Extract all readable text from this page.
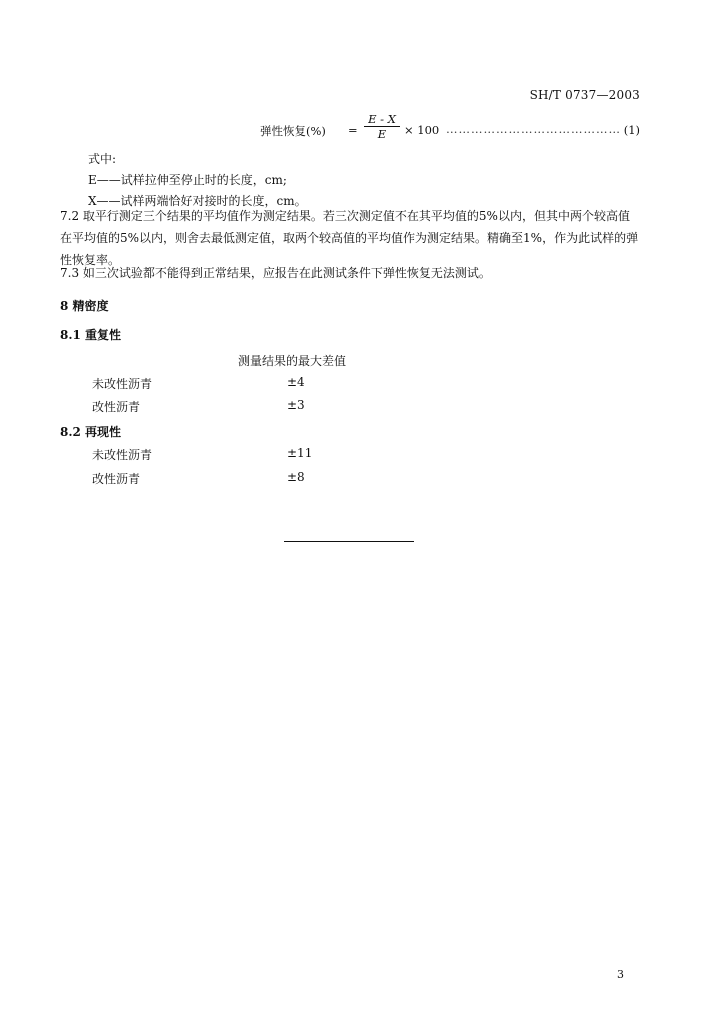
SH/T 0737—2003
弹性恢复(%) = $\frac{E - X}{E} \times 100$ …………………………………… (1)
式中:
E——试样拉伸至停止时的长度，cm;
X——试样两端恰好对接时的长度，cm。
7.2 取平行测定三个结果的平均值作为测定结果。若三次测定值不在其平均值的5%以内，但其中两个较高值在平均值的5%以内，则舍去最低测定值，取两个较高值的平均值作为测定结果。精确至1%，作为此试样的弹性恢复率。
7.3 如三次试验都不能得到正常结果，应报告在此测试条件下弹性恢复无法测试。
8 精密度
8.1 重复性
测量结果的最大差值
未改性沥青	±4
改性沥青	±3
8.2 再现性
未改性沥青	±11
改性沥青	±8
3
